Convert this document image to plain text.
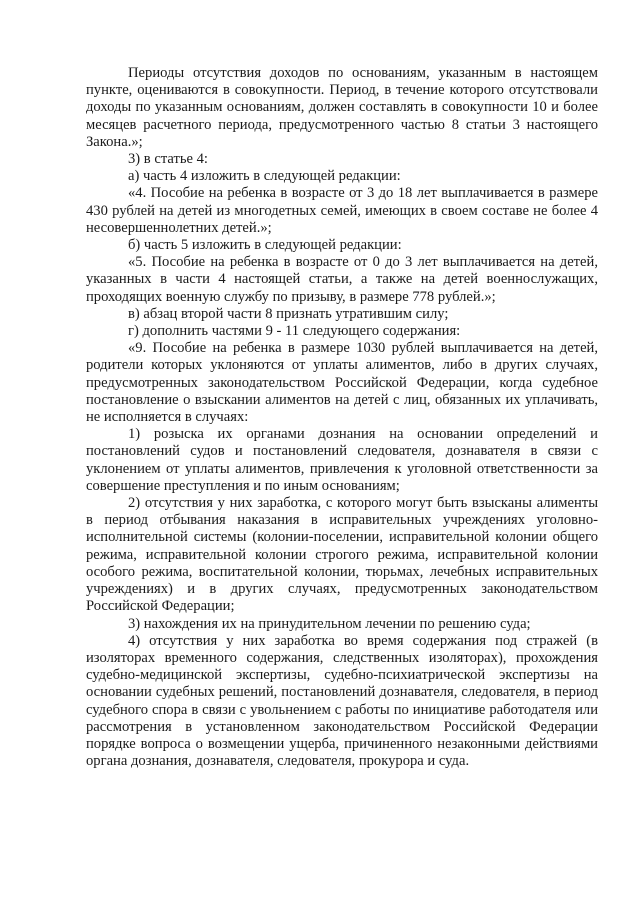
Периоды отсутствия доходов по основаниям, указанным в настоящем пункте, оцениваются в совокупности. Период, в течение которого отсутствовали доходы по указанным основаниям, должен составлять в совокупности 10 и более месяцев расчетного периода, предусмотренного частью 8 статьи 3 настоящего Закона.»;

3) в статье 4:

а) часть 4 изложить в следующей редакции:

«4. Пособие на ребенка в возрасте от 3 до 18 лет выплачивается в размере 430 рублей на детей из многодетных семей, имеющих в своем составе не более 4 несовершеннолетних детей.»;

б) часть 5 изложить в следующей редакции:

«5. Пособие на ребенка в возрасте от 0 до 3 лет выплачивается на детей, указанных в части 4 настоящей статьи, а также на детей военнослужащих, проходящих военную службу по призыву, в размере 778 рублей.»;

в) абзац второй части 8 признать утратившим силу;

г) дополнить частями 9 - 11 следующего содержания:

«9. Пособие на ребенка в размере 1030 рублей выплачивается на детей, родители которых уклоняются от уплаты алиментов, либо в других случаях, предусмотренных законодательством Российской Федерации, когда судебное постановление о взыскании алиментов на детей с лиц, обязанных их уплачивать, не исполняется в случаях:

1) розыска их органами дознания на основании определений и постановлений судов и постановлений следователя, дознавателя в связи с уклонением от уплаты алиментов, привлечения к уголовной ответственности за совершение преступления и по иным основаниям;

2) отсутствия у них заработка, с которого могут быть взысканы алименты в период отбывания наказания в исправительных учреждениях уголовно-исполнительной системы (колонии-поселении, исправительной колонии общего режима, исправительной колонии строгого режима, исправительной колонии особого режима, воспитательной колонии, тюрьмах, лечебных исправительных учреждениях) и в других случаях, предусмотренных законодательством Российской Федерации;

3) нахождения их на принудительном лечении по решению суда;

4) отсутствия у них заработка во время содержания под стражей (в изоляторах временного содержания, следственных изоляторах), прохождения судебно-медицинской экспертизы, судебно-психиатрической экспертизы на основании судебных решений, постановлений дознавателя, следователя, в период судебного спора в связи с увольнением с работы по инициативе работодателя или рассмотрения в установленном законодательством Российской Федерации порядке вопроса о возмещении ущерба, причиненного незаконными действиями органа дознания, дознавателя, следователя, прокурора и суда.
